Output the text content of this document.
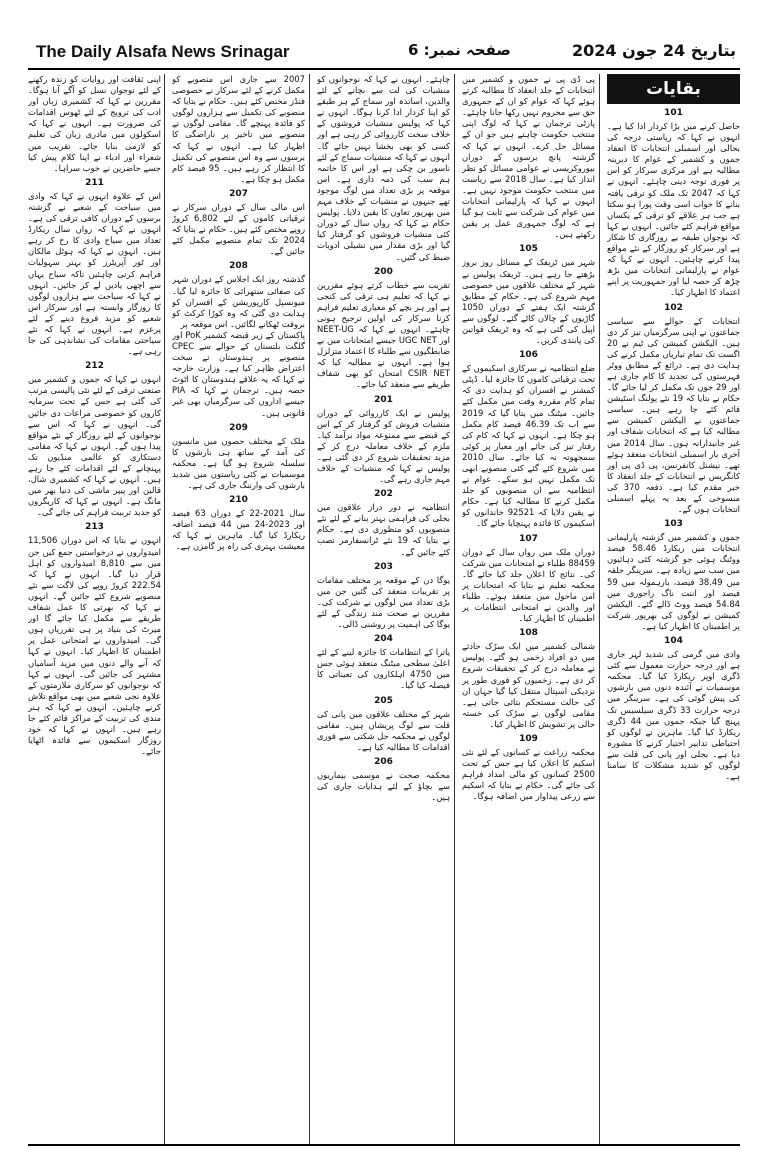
The Daily Alsafa News Srinagar	صفحہ نمبر: 6	بتاریخ 24 جون 2024
بقایات
101

حاصل کرنے میں بڑا کردار ادا کیا ہے۔ انہوں نے کہا کہ ریاستی درجہ کی بحالی اور اسمبلی انتخابات کا انعقاد جموں و کشمیر کے عوام کا دیرینہ مطالبہ ہے اور مرکزی سرکار کو اس پر فوری توجہ دینی چاہئے۔ انہوں نے کہا کہ 2047 تک ملک کو ترقی یافتہ بنانے کا خواب اسی وقت پورا ہو سکتا ہے جب ہر علاقے کو ترقی کے یکساں مواقع فراہم کئے جائیں۔ انہوں نے کہا کہ نوجوان طبقہ بے روزگاری کا شکار ہے اور سرکار کو روزگار کے نئے مواقع پیدا کرنے چاہئیں۔ انہوں نے کہا کہ عوام نے پارلیمانی انتخابات میں بڑھ چڑھ کر حصہ لیا اور جمہوریت پر اپنے اعتماد کا اظہار کیا۔

102

انتخابات کے حوالے سے سیاسی جماعتوں نے اپنی سرگرمیاں تیز کر دی ہیں۔ الیکشن کمیشن کی ٹیم نے 20 اگست تک تمام تیاریاں مکمل کرنے کی ہدایت دی ہے۔ ذرائع کے مطابق ووٹر فہرستوں کی تجدید کا کام جاری ہے اور 29 جون تک مکمل کر لیا جائے گا۔ حکام نے بتایا کہ 19 نئے پولنگ اسٹیشن قائم کئے جا رہے ہیں۔ سیاسی جماعتوں نے الیکشن کمیشن سے مطالبہ کیا ہے کہ انتخابات شفاف اور غیر جانبدارانہ ہوں۔ سال 2014 میں آخری بار اسمبلی انتخابات منعقد ہوئے تھے۔ نیشنل کانفرنس، پی ڈی پی اور کانگریس نے انتخابات کے جلد انعقاد کا خیر مقدم کیا ہے۔ دفعہ 370 کی منسوخی کے بعد یہ پہلے اسمبلی انتخابات ہوں گے۔

103

جموں و کشمیر میں گزشتہ پارلیمانی انتخابات میں ریکارڈ 58.46 فیصد ووٹنگ ہوئی جو گزشتہ کئی دہائیوں میں سب سے زیادہ ہے۔ سرینگر حلقہ میں 38.49 فیصد، بارہمولہ میں 59 فیصد اور اننت ناگ راجوری میں 54.84 فیصد ووٹ ڈالے گئے۔ الیکشن کمیشن نے لوگوں کی بھرپور شرکت پر اطمینان کا اظہار کیا ہے۔

104

وادی میں گرمی کی شدید لہر جاری ہے اور درجہ حرارت معمول سے کئی ڈگری اوپر ریکارڈ کیا گیا۔ محکمہ موسمیات نے آئندہ دنوں میں بارشوں کی پیش گوئی کی ہے۔ سرینگر میں درجہ حرارت 33 ڈگری سیلسیس تک پہنچ گیا جبکہ جموں میں 44 ڈگری ریکارڈ کیا گیا۔ ماہرین نے لوگوں کو احتیاطی تدابیر اختیار کرنے کا مشورہ دیا ہے۔ بجلی اور پانی کی قلت سے لوگوں کو شدید مشکلات کا سامنا ہے۔

پی ڈی پی نے جموں و کشمیر میں انتخابات کے جلد انعقاد کا مطالبہ کرتے ہوئے کہا کہ عوام کو ان کے جمہوری حق سے محروم نہیں رکھا جانا چاہئے۔ پارٹی ترجمان نے کہا کہ لوگ اپنی منتخب حکومت چاہتے ہیں جو ان کے مسائل حل کرے۔ انہوں نے کہا کہ گزشتہ پانچ برسوں کے دوران بیوروکریسی نے عوامی مسائل کو نظر انداز کیا ہے۔ سال 2018 سے ریاست میں منتخب حکومت موجود نہیں ہے۔ انہوں نے کہا کہ پارلیمانی انتخابات میں عوام کی شرکت سے ثابت ہو گیا ہے کہ لوگ جمہوری عمل پر یقین رکھتے ہیں۔

105

شہر میں ٹریفک کے مسائل روز بروز بڑھتے جا رہے ہیں۔ ٹریفک پولیس نے شہر کے مختلف علاقوں میں خصوصی مہم شروع کی ہے۔ حکام کے مطابق گزشتہ ایک ہفتے کے دوران 1050 گاڑیوں کے چالان کاٹے گئے۔ لوگوں سے اپیل کی گئی ہے کہ وہ ٹریفک قوانین کی پابندی کریں۔

106

ضلع انتظامیہ نے سرکاری اسکیموں کے تحت ترقیاتی کاموں کا جائزہ لیا۔ ڈپٹی کمشنر نے افسران کو ہدایت دی کہ تمام کام مقررہ وقت میں مکمل کئے جائیں۔ میٹنگ میں بتایا گیا کہ 2019 سے اب تک 46.39 فیصد کام مکمل ہو چکا ہے۔ انہوں نے کہا کہ کام کی رفتار تیز کی جائے اور معیار پر کوئی سمجھوتہ نہ کیا جائے۔ سال 2010 میں شروع کئے گئے کئی منصوبے ابھی تک مکمل نہیں ہو سکے۔ عوام نے انتظامیہ سے ان منصوبوں کو جلد مکمل کرنے کا مطالبہ کیا ہے۔ حکام نے یقین دلایا کہ 92521 خاندانوں کو اسکیموں کا فائدہ پہنچایا جائے گا۔

107

دوران ملک میں رواں سال کے دوران 88459 طلباء نے امتحانات میں شرکت کی۔ نتائج کا اعلان جلد کیا جائے گا۔ محکمہ تعلیم نے بتایا کہ امتحانات پر امن ماحول میں منعقد ہوئے۔ طلباء اور والدین نے امتحانی انتظامات پر اطمینان کا اظہار کیا۔

108

شمالی کشمیر میں ایک سڑک حادثے میں دو افراد زخمی ہو گئے۔ پولیس نے معاملہ درج کر کے تحقیقات شروع کر دی ہے۔ زخمیوں کو فوری طور پر نزدیکی اسپتال منتقل کیا گیا جہاں ان کی حالت مستحکم بتائی جاتی ہے۔ مقامی لوگوں نے سڑک کی خستہ حالی پر تشویش کا اظہار کیا۔

109

محکمہ زراعت نے کسانوں کے لئے نئی اسکیم کا اعلان کیا ہے جس کے تحت 2500 کسانوں کو مالی امداد فراہم کی جائے گی۔ حکام نے بتایا کہ اسکیم سے زرعی پیداوار میں اضافہ ہوگا۔

چاہئے۔ انہوں نے کہا کہ نوجوانوں کو منشیات کی لت سے بچانے کے لئے والدین، اساتذہ اور سماج کے ہر طبقے کو اپنا کردار ادا کرنا ہوگا۔ انہوں نے کہا کہ پولیس منشیات فروشوں کے خلاف سخت کارروائی کر رہی ہے اور کسی کو بھی بخشا نہیں جائے گا۔ انہوں نے کہا کہ منشیات سماج کے لئے ناسور بن چکی ہے اور اس کا خاتمہ ہم سب کی ذمہ داری ہے۔ اس موقعہ پر بڑی تعداد میں لوگ موجود تھے جنہوں نے منشیات کے خلاف مہم میں بھرپور تعاون کا یقین دلایا۔ پولیس حکام نے کہا کہ رواں سال کے دوران کئی منشیات فروشوں کو گرفتار کیا گیا اور بڑی مقدار میں نشیلی ادویات ضبط کی گئیں۔

200

تقریب سے خطاب کرتے ہوئے مقررین نے کہا کہ تعلیم ہی ترقی کی کنجی ہے اور ہر بچے کو معیاری تعلیم فراہم کرنا سرکار کی اولین ترجیح ہونی چاہئے۔ انہوں نے کہا کہ NEET-UG اور UGC NET جیسے امتحانات میں بے ضابطگیوں سے طلباء کا اعتماد متزلزل ہوا ہے۔ انہوں نے مطالبہ کیا کہ CSIR NET امتحان کو بھی شفاف طریقے سے منعقد کیا جائے۔

201

پولیس نے ایک کارروائی کے دوران منشیات فروش کو گرفتار کر کے اس کے قبضے سے ممنوعہ مواد برآمد کیا۔ ملزم کے خلاف معاملہ درج کر کے مزید تحقیقات شروع کر دی گئی ہے۔ پولیس نے کہا کہ منشیات کے خلاف مہم جاری رہے گی۔

202

انتظامیہ نے دور دراز علاقوں میں بجلی کی فراہمی بہتر بنانے کے لئے نئے منصوبوں کو منظوری دی ہے۔ حکام نے بتایا کہ 19 نئے ٹرانسفارمر نصب کئے جائیں گے۔

203

یوگا دن کے موقعہ پر مختلف مقامات پر تقریبات منعقد کی گئیں جن میں بڑی تعداد میں لوگوں نے شرکت کی۔ مقررین نے صحت مند زندگی کے لئے یوگا کی اہمیت پر روشنی ڈالی۔

204

یاترا کے انتظامات کا جائزہ لینے کے لئے اعلیٰ سطحی میٹنگ منعقد ہوئی جس میں 4750 اہلکاروں کی تعیناتی کا فیصلہ کیا گیا۔

205

شہر کے مختلف علاقوں میں پانی کی قلت سے لوگ پریشان ہیں۔ مقامی لوگوں نے محکمہ جل شکتی سے فوری اقدامات کا مطالبہ کیا ہے۔

206

محکمہ صحت نے موسمی بیماریوں سے بچاؤ کے لئے ہدایات جاری کی ہیں۔

2007 سے جاری اس منصوبے کو مکمل کرنے کے لئے سرکار نے خصوصی فنڈز مختص کئے ہیں۔ حکام نے بتایا کہ منصوبے کی تکمیل سے ہزاروں لوگوں کو فائدہ پہنچے گا۔ مقامی لوگوں نے منصوبے میں تاخیر پر ناراضگی کا اظہار کیا ہے۔ انہوں نے کہا کہ برسوں سے وہ اس منصوبے کی تکمیل کا انتظار کر رہے ہیں۔ 95 فیصد کام مکمل ہو چکا ہے۔

207

اس مالی سال کے دوران سرکار نے ترقیاتی کاموں کے لئے 6,802 کروڑ روپے مختص کئے ہیں۔ حکام نے بتایا کہ 2024 تک تمام منصوبے مکمل کئے جائیں گے۔

208

گذشتہ روز ایک اجلاس کے دوران شہر کی صفائی ستھرائی کا جائزہ لیا گیا۔ میونسپل کارپوریشن کے افسران کو ہدایت دی گئی کہ وہ کوڑا کرکٹ کو بروقت ٹھکانے لگائیں۔ اس موقعہ پر

پاکستان کے زیر قبضہ کشمیر PoK اور گلگت بلتستان کے حوالے سے CPEC منصوبے پر ہندوستان نے سخت اعتراض ظاہر کیا ہے۔ وزارت خارجہ نے کہا کہ یہ علاقے ہندوستان کا اٹوٹ حصہ ہیں۔ ترجمان نے کہا کہ PIA جیسے اداروں کی سرگرمیاں بھی غیر قانونی ہیں۔

209

ملک کے مختلف حصوں میں مانسون کی آمد کے ساتھ ہی بارشوں کا سلسلہ شروع ہو گیا ہے۔ محکمہ موسمیات نے کئی ریاستوں میں شدید بارشوں کی وارننگ جاری کی ہے۔

210

سال 2021-22 کے دوران 63 فیصد اور 2023-24 میں 44 فیصد اضافہ ریکارڈ کیا گیا۔ ماہرین نے کہا کہ معیشت بہتری کی راہ پر گامزن ہے۔

اپنی ثقافت اور روایات کو زندہ رکھنے کے لئے نوجوان نسل کو آگے آنا ہوگا۔ مقررین نے کہا کہ کشمیری زبان اور ادب کی ترویج کے لئے ٹھوس اقدامات کی ضرورت ہے۔ انہوں نے کہا کہ اسکولوں میں مادری زبان کی تعلیم کو لازمی بنایا جائے۔ تقریب میں شعراء اور ادباء نے اپنا کلام پیش کیا جسے حاضرین نے خوب سراہا۔

211

اس کے علاوہ انہوں نے کہا کہ وادی میں سیاحت کے شعبے نے گزشتہ برسوں کے دوران کافی ترقی کی ہے۔ انہوں نے کہا کہ رواں سال ریکارڈ تعداد میں سیاح وادی کا رخ کر رہے ہیں۔ انہوں نے کہا کہ ہوٹل مالکان اور ٹور آپریٹرز کو بہتر سہولیات فراہم کرنی چاہئیں تاکہ سیاح یہاں سے اچھی یادیں لے کر جائیں۔ انہوں نے کہا کہ سیاحت سے ہزاروں لوگوں کا روزگار وابستہ ہے اور سرکار اس شعبے کو مزید فروغ دینے کے لئے پرعزم ہے۔ انہوں نے کہا کہ نئے سیاحتی مقامات کی نشاندہی کی جا رہی ہے۔

212

انہوں نے کہا کہ جموں و کشمیر میں صنعتی ترقی کے لئے نئی پالیسی مرتب کی گئی ہے جس کے تحت سرمایہ کاروں کو خصوصی مراعات دی جائیں گی۔ انہوں نے کہا کہ اس سے نوجوانوں کے لئے روزگار کے نئے مواقع پیدا ہوں گے۔ انہوں نے کہا کہ مقامی دستکاری کو عالمی منڈیوں تک پہنچانے کے لئے اقدامات کئے جا رہے ہیں۔ انہوں نے کہا کہ کشمیری شال، قالین اور پیپر ماشی کی دنیا بھر میں مانگ ہے۔ انہوں نے کہا کہ کاریگروں کو جدید تربیت فراہم کی جائے گی۔

213

انہوں نے بتایا کہ اس دوران 11,506 امیدواروں نے درخواستیں جمع کیں جن میں سے 8,810 امیدواروں کو اہل قرار دیا گیا۔ انہوں نے کہا کہ 222.54 کروڑ روپے کی لاگت سے نئے منصوبے شروع کئے جائیں گے۔ انہوں نے کہا کہ بھرتی کا عمل شفاف طریقے سے مکمل کیا جائے گا اور میرٹ کی بنیاد پر ہی تقرریاں ہوں گی۔ امیدواروں نے امتحانی عمل پر اطمینان کا اظہار کیا۔ انہوں نے کہا کہ آنے والے دنوں میں مزید آسامیاں مشتہر کی جائیں گی۔ انہوں نے کہا کہ نوجوانوں کو سرکاری ملازمتوں کے علاوہ نجی شعبے میں بھی مواقع تلاش کرنے چاہئیں۔ انہوں نے کہا کہ ہنر مندی کی تربیت کے مراکز قائم کئے جا رہے ہیں۔ انہوں نے کہا کہ خود روزگار اسکیموں سے فائدہ اٹھایا جائے۔
